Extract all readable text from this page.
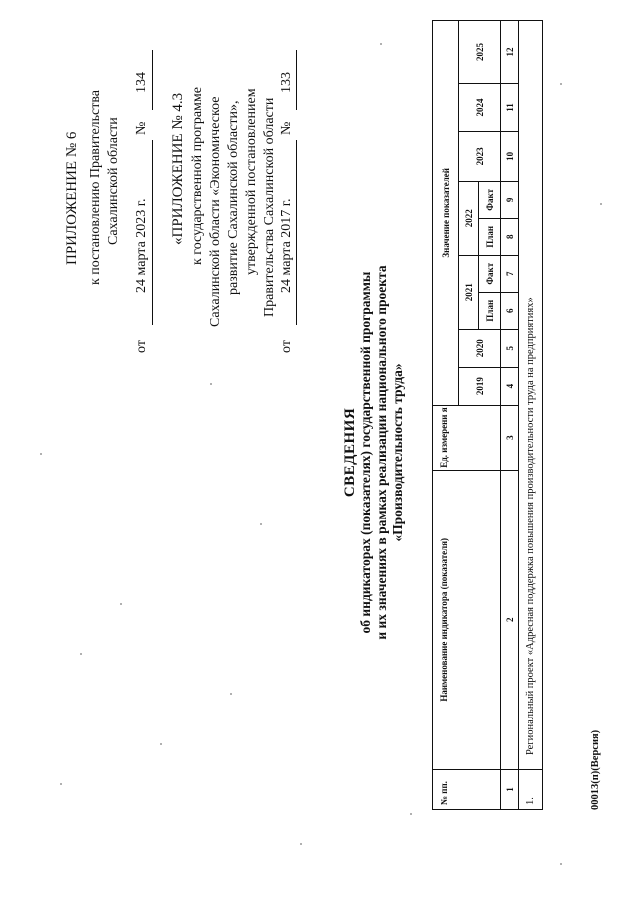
ПРИЛОЖЕНИЕ № 6 к постановлению Правительства Сахалинской области
от
24 марта 2023 г.
№
134
«ПРИЛОЖЕНИЕ № 4.3 к государственной программе Сахалинской области «Экономическое развитие Сахалинской области», утвержденной постановлением Правительства Сахалинской области
от
24 марта 2017 г.
№
133
СВЕДЕНИЯ об индикаторах (показателях) государственной программы и их значениях в рамках реализации национального проекта «Производительность труда»
№ пп.	Наименование индикатора (показателя)	Ед. измерени я	Значение показателей								
			2019	2020	2021		2022		2023	2024	2025
					План	Факт	План	Факт			
1	2	3	4	5	6	7	8	9	10	11	12
1.	Региональный проект «Адресная поддержка повышения производительности труда на предприятиях»										
00013(п)(Версия)
